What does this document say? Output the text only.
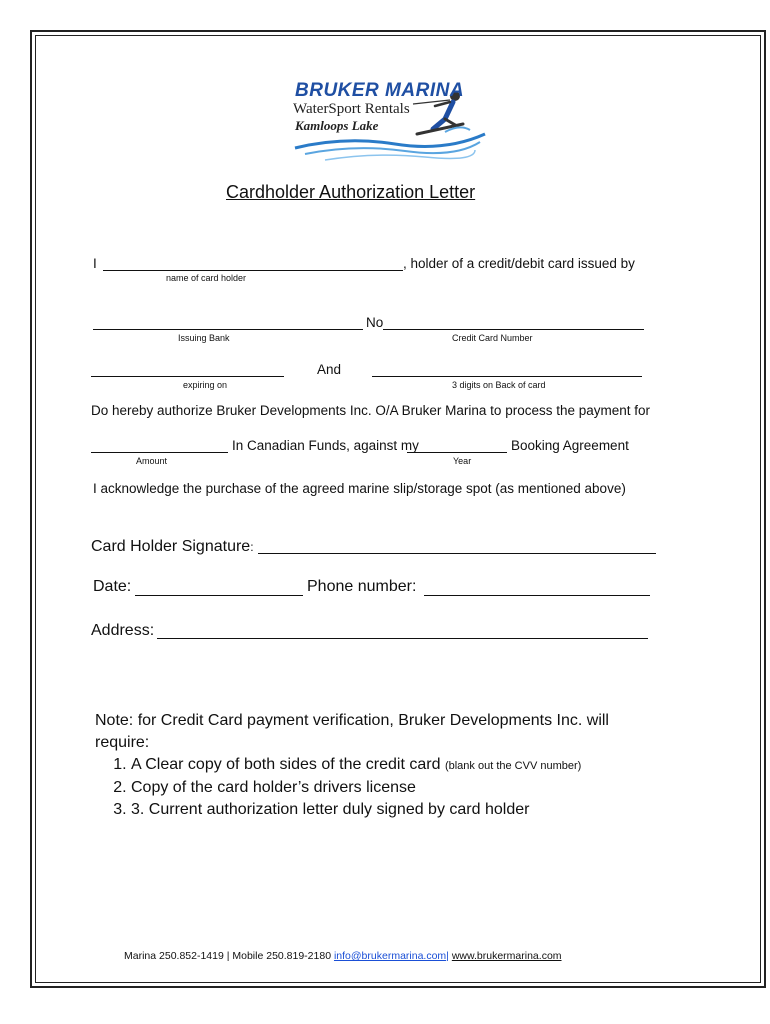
BRUKER MARINA
WaterSport Rentals
Kamloops Lake
Cardholder Authorization Letter
I	, holder of a credit/debit card issued by
name of card holder
No
Issuing Bank	Credit Card Number
And
expiring on	3 digits on Back of card
Do hereby authorize Bruker Developments Inc. O/A Bruker Marina to process the payment for
In Canadian Funds, against my	Booking Agreement
Amount	Year
I acknowledge the purchase of the agreed marine slip/storage spot (as mentioned above)
Card Holder Signature:
Date:	Phone number:
Address:
Note: for Credit Card payment verification, Bruker Developments Inc. will require:
1. A Clear copy of both sides of the credit card (blank out the CVV number)
2. Copy of the card holder’s drivers license
3. 3. Current authorization letter duly signed by card holder
Marina 250.852-1419 | Mobile 250.819-2180 info@brukermarina.com| www.brukermarina.com
